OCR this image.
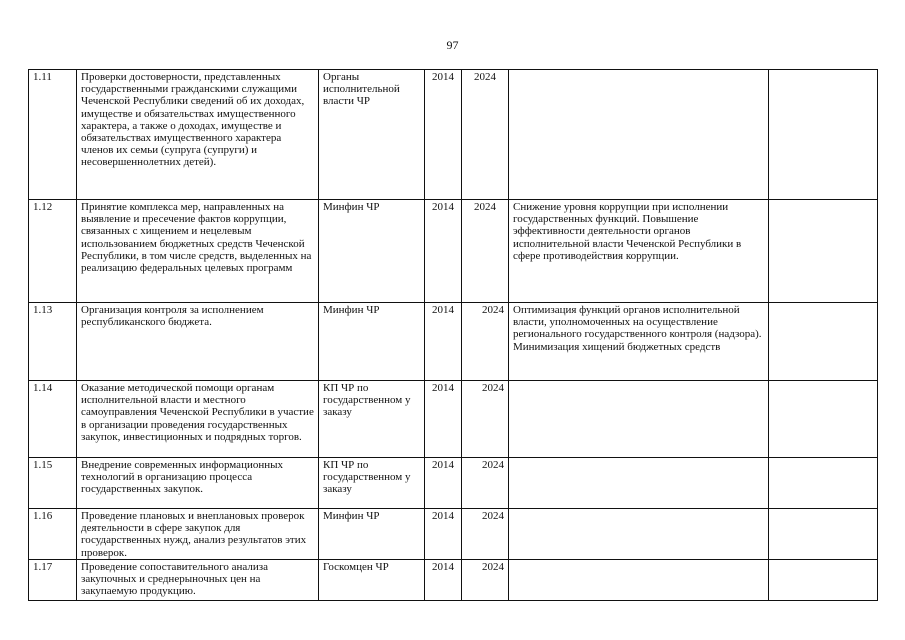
97
1.11	Проверки достоверности, представленных государственными гражданскими служащими Чеченской Республики сведений об их доходах, имуществе и обязательствах имущественного характера, а также о доходах, имуществе и обязательствах имущественного характера членов их семьи (супруга (супруги) и несовершеннолетних детей).	Органы исполнительной власти ЧР	2014	2024		
1.12	Принятие комплекса мер, направленных на выявление и пресечение фактов коррупции, связанных с хищением и нецелевым использованием бюджетных средств Чеченской Республики, в том числе средств, выделенных на реализацию федеральных целевых программ	Минфин ЧР	2014	2024	Снижение уровня коррупции при исполнении государственных функций. Повышение эффективности деятельности органов исполнительной власти Чеченской Республики в сфере противодействия коррупции.	
1.13	Организация контроля за исполнением республиканского бюджета.	Минфин ЧР	2014	2024	Оптимизация функций органов исполнительной власти, уполномоченных на осуществление регионального государственного контроля (надзора). Минимизация хищений бюджетных средств	
1.14	Оказание методической помощи органам исполнительной власти и местного самоуправления Чеченской Республики в участие в организации проведения государственных закупок, инвестиционных и подрядных торгов.	КП ЧР по государственном у заказу	2014	2024		
1.15	Внедрение современных информационных технологий в организацию процесса государственных закупок.	КП ЧР по государственном у заказу	2014	2024		
1.16	Проведение плановых и внеплановых проверок деятельности в сфере закупок для государственных нужд, анализ результатов этих проверок.	Минфин ЧР	2014	2024		
1.17	Проведение сопоставительного анализа закупочных и среднерыночных цен на закупаемую продукцию.	Госкомцен ЧР	2014	2024		
